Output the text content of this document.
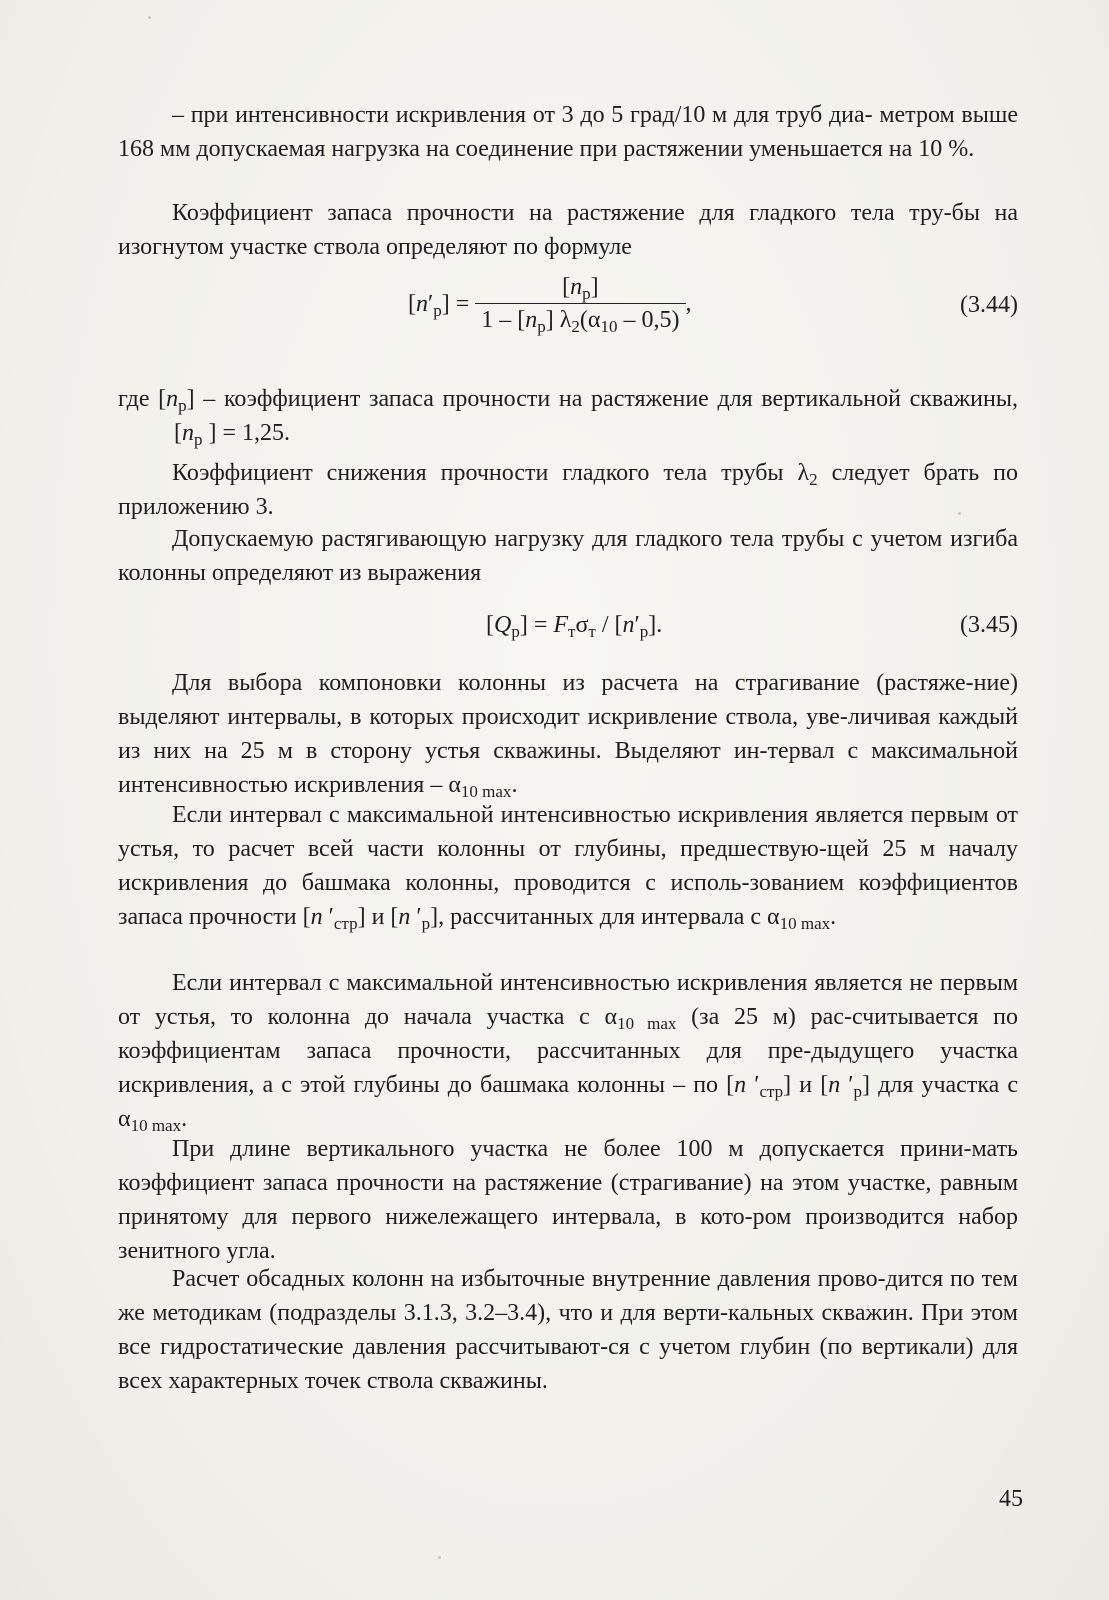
– при интенсивности искривления от 3 до 5 град/10 м для труб диа- метром выше 168 мм допускаемая нагрузка на соединение при растяжении уменьшается на 10 %.

Коэффициент запаса прочности на растяжение для гладкого тела тру-бы на изогнутом участке ствола определяют по формуле

$[n'_р] = \frac{[n_р]}{1 - [n_р] \lambda_2(\alpha_{10} - 0,5)}$ ,	(3.44)

где $[n_р]$ – коэффициент запаса прочности на растяжение для вертикальной скважины, [$n_р$ ] = 1,25.

Коэффициент снижения прочности гладкого тела трубы $\lambda_2$ следует брать по приложению 3.

Допускаемую растягивающую нагрузку для гладкого тела трубы с учетом изгиба колонны определяют из выражения

$[Q_р] = F_т\sigma_т / [n'_р]$.	(3.45)

Для выбора компоновки колонны из расчета на страгивание (растяже-ние) выделяют интервалы, в которых происходит искривление ствола, уве-личивая каждый из них на 25 м в сторону устья скважины. Выделяют ин-тервал с максимальной интенсивностью искривления – $\alpha_{10 max}$.

Если интервал с максимальной интенсивностью искривления является первым от устья, то расчет всей части колонны от глубины, предшествую-щей 25 м началу искривления до башмака колонны, проводится с исполь-зованием коэффициентов запаса прочности [n $'_{стр}$] и [n $'_р$], рассчитанных для интервала с $\alpha_{10 max}$.

Если интервал с максимальной интенсивностью искривления является не первым от устья, то колонна до начала участка с $\alpha_{10 max}$ (за 25 м) рас-считывается по коэффициентам запаса прочности, рассчитанных для пре-дыдущего участка искривления, а с этой глубины до башмака колонны – по [n $'_{стр}$] и [n $'_р$] для участка с $\alpha_{10 max}$.

При длине вертикального участка не более 100 м допускается прини-мать коэффициент запаса прочности на растяжение (страгивание) на этом участке, равным принятому для первого нижележащего интервала, в кото-ром производится набор зенитного угла.

Расчет обсадных колонн на избыточные внутренние давления прово-дится по тем же методикам (подразделы 3.1.3, 3.2–3.4), что и для верти-кальных скважин. При этом все гидростатические давления рассчитывают-ся с учетом глубин (по вертикали) для всех характерных точек ствола скважины.

45
